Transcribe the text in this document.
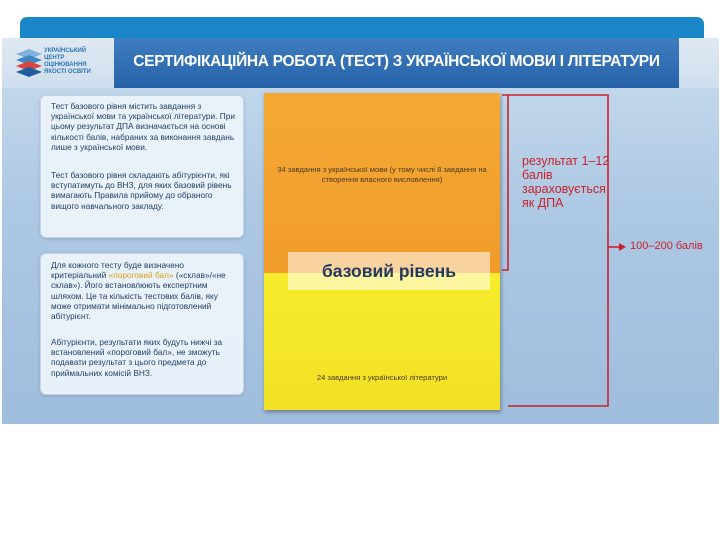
УКРАЇНСЬКИЙ ЦЕНТР ОЦІНЮВАННЯ ЯКОСТІ ОСВІТИ
СЕРТИФІКАЦІЙНА РОБОТА (ТЕСТ) З УКРАЇНСЬКОЇ МОВИ І ЛІТЕРАТУРИ

Тест базового рівня містить завдання з української мови та української літератури. При цьому результат ДПА визначається на основі кількості балів, набраних за виконання завдань лише з української мови.

Тест базового рівня складають абітурієнти, які вступатимуть до ВНЗ, для яких базовий рівень вимагають Правила прийому до обраного вищого навчального закладу.

Для кожного тесту буде визначено критеріальний «пороговий бал» («склав»/«не склав»). Його встановлюють експертним шляхом. Це та кількість тестових балів, яку може отримати мінімально підготовлений абітурієнт.

Абітурієнти, результати яких будуть нижчі за встановлений «пороговий бал», не зможуть подавати результат з цього предмета до приймальних комісій ВНЗ.

34 завдання з української мови (у тому числі 8 завдання на створення власного висловлення)
24 завдання з української літератури
базовий рівень

результат 1–12 балів зараховується як ДПА

100–200 балів
